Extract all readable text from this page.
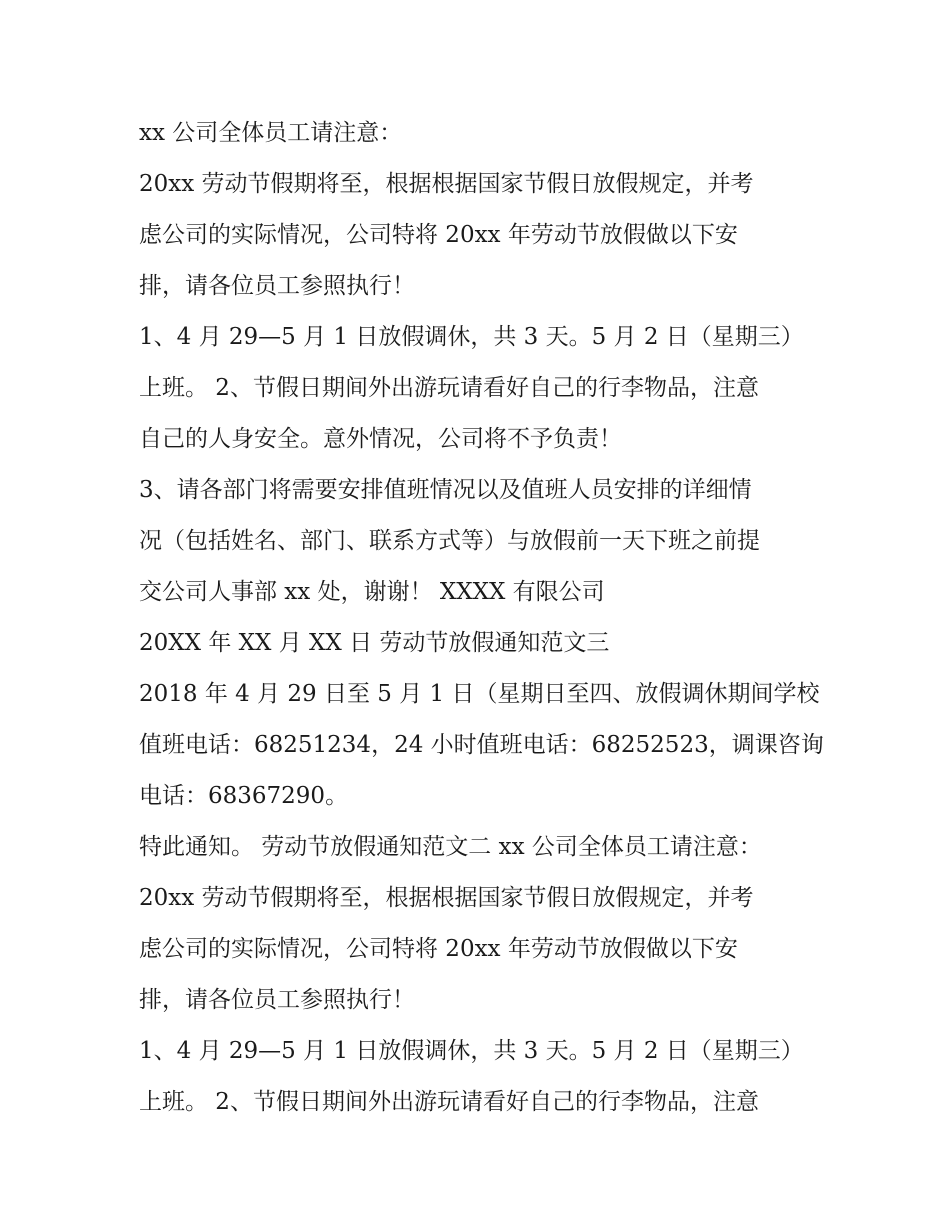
xx 公司全体员工请注意：
20xx 劳动节假期将至，根据根据国家节假日放假规定，并考
虑公司的实际情况，公司特将 20xx 年劳动节放假做以下安
排，请各位员工参照执行！
1、4 月 29—5 月 1 日放假调休，共 3 天。5 月 2 日（星期三）
上班。 2、节假日期间外出游玩请看好自己的行李物品，注意
自己的人身安全。意外情况，公司将不予负责！
3、请各部门将需要安排值班情况以及值班人员安排的详细情
况（包括姓名、部门、联系方式等）与放假前一天下班之前提
交公司人事部 xx 处，谢谢！ XXXX 有限公司
20XX 年 XX 月 XX 日 劳动节放假通知范文三
2018 年 4 月 29 日至 5 月 1 日（星期日至四、放假调休期间学校
值班电话：68251234，24 小时值班电话：68252523，调课咨询
电话：68367290。
特此通知。 劳动节放假通知范文二 xx 公司全体员工请注意：
20xx 劳动节假期将至，根据根据国家节假日放假规定，并考
虑公司的实际情况，公司特将 20xx 年劳动节放假做以下安
排，请各位员工参照执行！
1、4 月 29—5 月 1 日放假调休，共 3 天。5 月 2 日（星期三）
上班。 2、节假日期间外出游玩请看好自己的行李物品，注意
